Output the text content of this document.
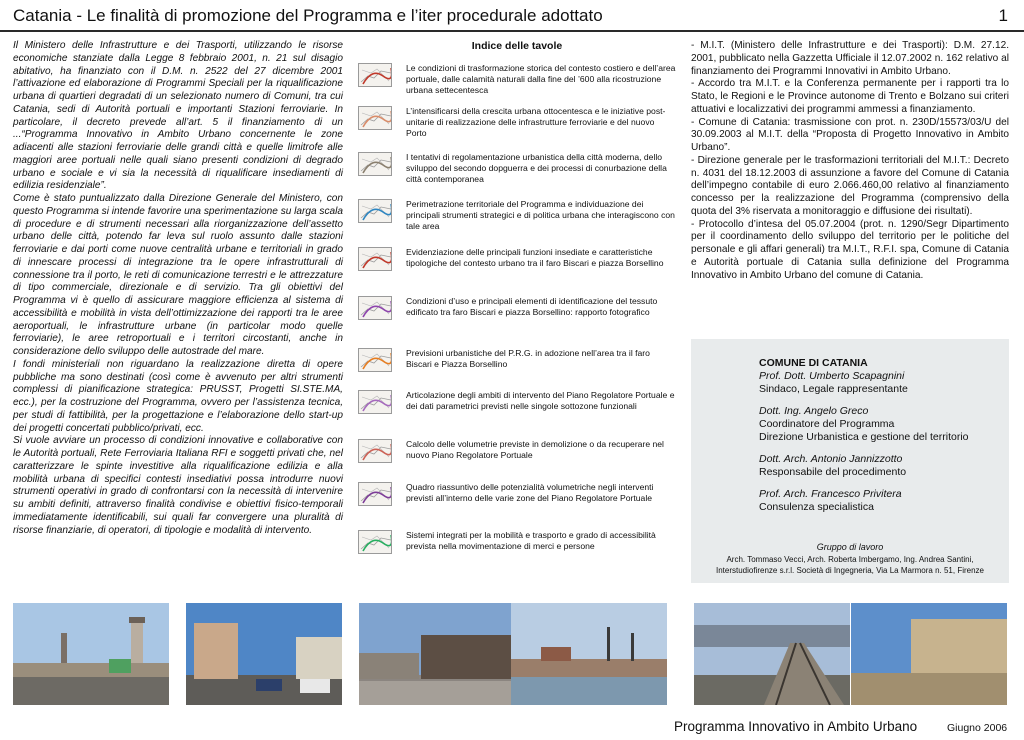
Catania - Le finalità di promozione del Programma e l’iter procedurale adottato	1

Il Ministero delle Infrastrutture e dei Trasporti, utilizzando le risorse economiche stanziate dalla Legge 8 febbraio 2001, n. 21 sul disagio abitativo, ha finanziato con il D.M. n. 2522 del 27 dicembre 2001 l’attivazione ed elaborazione di Programmi Speciali per la riqualificazione urbana di quartieri degradati di un selezionato numero di Comuni, tra cui Catania, sedi di Autorità portuali e importanti Stazioni ferroviarie. In particolare, il decreto prevede all’art. 5 il finanziamento di un ...“Programma Innovativo in Ambito Urbano concernente le zone adiacenti alle stazioni ferroviarie delle grandi città e quelle limitrofe alle maggiori aree portuali nelle quali siano presenti condizioni di degrado urbano e sociale e vi sia la necessità di riqualificare insediamenti di edilizia residenziale”.

Come è stato puntualizzato dalla Direzione Generale del Ministero, con questo Programma si intende favorire una sperimentazione su larga scala di procedure e di strumenti necessari alla riorganizzazione dell’assetto urbano delle città, potendo far leva sul ruolo assunto dalle stazioni ferroviarie e dai porti come nuove centralità urbane e territoriali in grado di innescare processi di integrazione tra le opere infrastrutturali di connessione tra il porto, le reti di comunicazione terrestri e le attrezzature di tipo commerciale, direzionale e di servizio. Tra gli obiettivi del Programma vi è quello di assicurare maggiore efficienza al sistema di accessibilità e mobilità in vista dell’ottimizzazione dei rapporti tra le aree aeroportuali, le infrastrutture urbane (in particolar modo quelle ferroviarie), le aree retroportuali e i territori circostanti, anche in considerazione dello sviluppo delle autostrade del mare.

I fondi ministeriali non riguardano la realizzazione diretta di opere pubbliche ma sono destinati (così come è avvenuto per altri strumenti complessi di pianificazione strategica: PRUSST, Progetti SI.STE.MA, ecc.), per la costruzione del Programma, ovvero per l’assistenza tecnica, per studi di fattibilità, per la progettazione e l’elaborazione dello start-up dei progetti concertati pubblico/privati, ecc.

Si vuole avviare un processo di condizioni innovative e collaborative con le Autorità portuali, Rete Ferroviaria Italiana RFI e soggetti privati che, nel caratterizzare le spinte investitive alla riqualificazione edilizia e alla mobilità urbana di specifici contesti insediativi possa introdurre nuovi strumenti operativi in grado di confrontarsi con la necessità di intervenire su ambiti definiti, attraverso finalità condivise e obiettivi fisico-temporali immediatamente identificabili, sui quali far convergere una pluralità di risorse finanziarie, di operatori, di tipologie e modalità di intervento.

Indice delle tavole
Le condizioni di trasformazione storica del contesto costiero e dell’area portuale, dalle calamità naturali dalla fine del ’600 alla ricostruzione urbana settecentesca
L’intensificarsi della crescita urbana ottocentesca e le iniziative post-unitarie di realizzazione delle infrastrutture ferroviarie e del nuovo Porto
I tentativi di regolamentazione urbanistica della città moderna, dello sviluppo del secondo dopguerra e dei processi di conurbazione della città contemporanea
Perimetrazione territoriale del Programma e individuazione dei principali strumenti strategici e di politica urbana che interagiscono con tale area
Evidenziazione delle principali funzioni insediate e caratteristiche tipologiche del contesto urbano tra il faro Biscari e piazza Borsellino
Condizioni d’uso e principali elementi di identificazione del tessuto edificato tra faro Biscari e piazza Borsellino: rapporto fotografico
Previsioni urbanistiche del P.R.G. in adozione nell’area tra il faro Biscari e Piazza Borsellino
Articolazione degli ambiti di intervento del Piano Regolatore Portuale e dei dati parametrici previsti nelle singole sottozone funzionali
Calcolo delle volumetrie previste in demolizione o da recuperare nel nuovo Piano Regolatore Portuale
Quadro riassuntivo delle potenzialità volumetriche negli interventi previsti all’interno delle varie zone del Piano Regolatore Portuale
Sistemi integrati per la mobilità e trasporto e grado di accessibilità prevista nella movimentazione di merci e persone

- M.I.T. (Ministero delle Infrastrutture e dei Trasporti): D.M. 27.12. 2001, pubblicato nella Gazzetta Ufficiale il 12.07.2002 n. 162 relativo al finanziamento dei Programmi Innovativi in Ambito Urbano.

- Accordo tra M.I.T. e la Conferenza permanente per i rapporti tra lo Stato, le Regioni e le Province autonome di Trento e Bolzano sui criteri attuativi e localizzativi dei programmi ammessi a finanziamento.

- Comune di Catania: trasmissione con prot. n. 230D/15573/03/U del 30.09.2003 al M.I.T. della “Proposta di Progetto Innovativo in Ambito Urbano”.

- Direzione generale per le trasformazioni territoriali del M.I.T.: Decreto n. 4031 del 18.12.2003 di assunzione a favore del Comune di Catania dell’impegno contabile di euro 2.066.460,00 relativo al finanziamento concesso per la realizzazione del Programma (comprensivo della quota del 3% riservata a monitoraggio e diffusione dei risultati).

- Protocollo d’intesa del 05.07.2004 (prot. n. 1290/Segr Dipartimento per il coordinamento dello sviluppo del territorio per le politiche del personale e gli affari generali) tra M.I.T., R.F.I. spa, Comune di Catania e Autorità portuale di Catania sulla definizione del Programma Innovativo in Ambito Urbano del comune di Catania.

COMUNE DI CATANIA
Prof. Dott. Umberto Scapagnini
Sindaco, Legale rappresentante
Dott. Ing. Angelo Greco
Coordinatore del Programma
Direzione Urbanistica e gestione del territorio
Dott. Arch. Antonio Jannizzotto
Responsabile del procedimento
Prof. Arch. Francesco Privitera
Consulenza specialistica
Gruppo di lavoro
Arch. Tommaso Vecci, Arch. Roberta Imbergamo, Ing. Andrea Santini,
Interstudiofirenze s.r.l. Società di Ingegneria, Via La Marmora n. 51, Firenze
Programma Innovativo in Ambito Urbano	Giugno 2006
